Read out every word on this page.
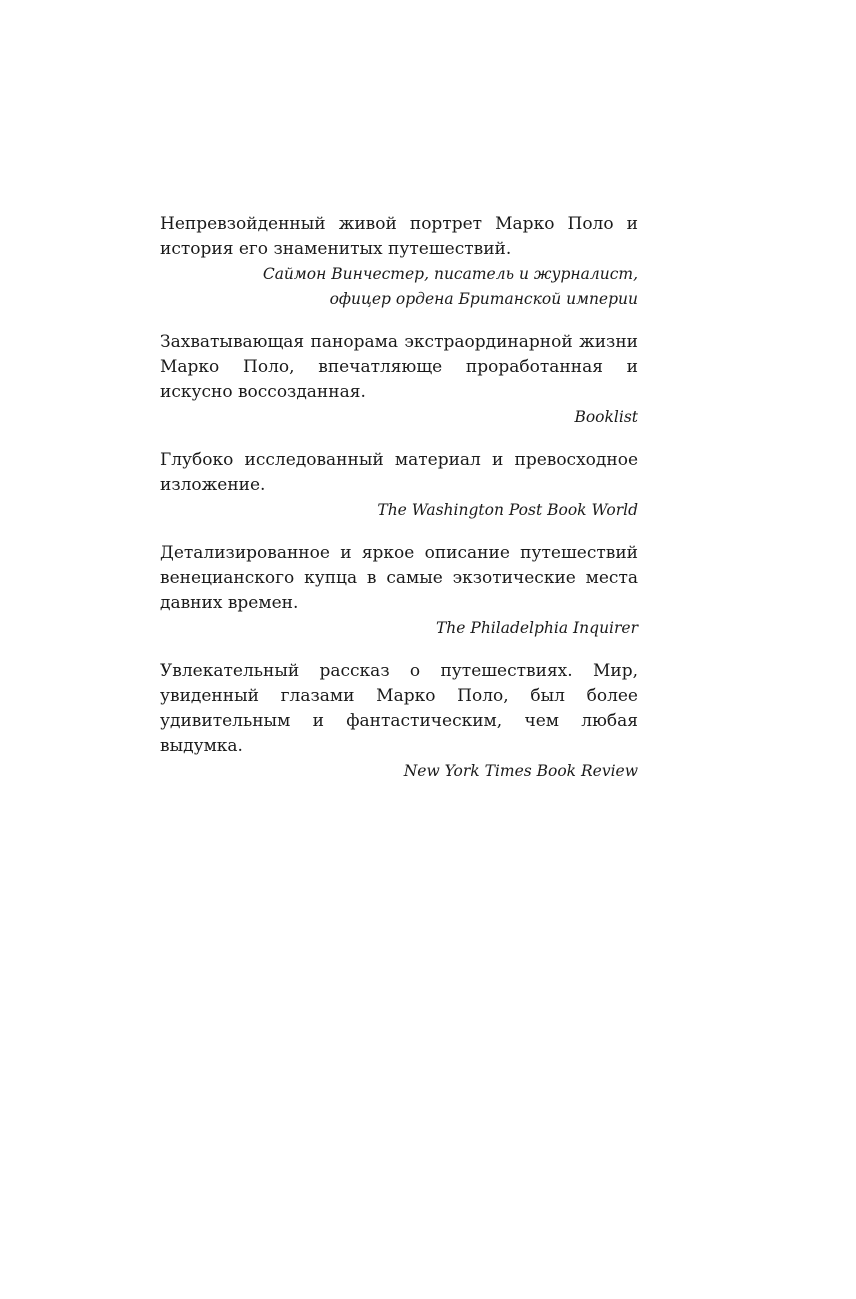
Непревзойденный живой портрет Марко Поло и история его знаменитых путешествий.

Саймон Винчестер, писатель и журналист,
офицер ордена Британской империи

Захватывающая панорама экстраординарной жизни Марко Поло, впечатляюще проработанная и искусно воссозданная.

Booklist

Глубоко исследованный материал и превосходное изложение.

The Washington Post Book World

Детализированное и яркое описание путешествий венецианского купца в самые экзотические места давних времен.

The Philadelphia Inquirer

Увлекательный рассказ о путешествиях. Мир, увиденный глазами Марко Поло, был более удивительным и фантастическим, чем любая выдумка.

New York Times Book Review
